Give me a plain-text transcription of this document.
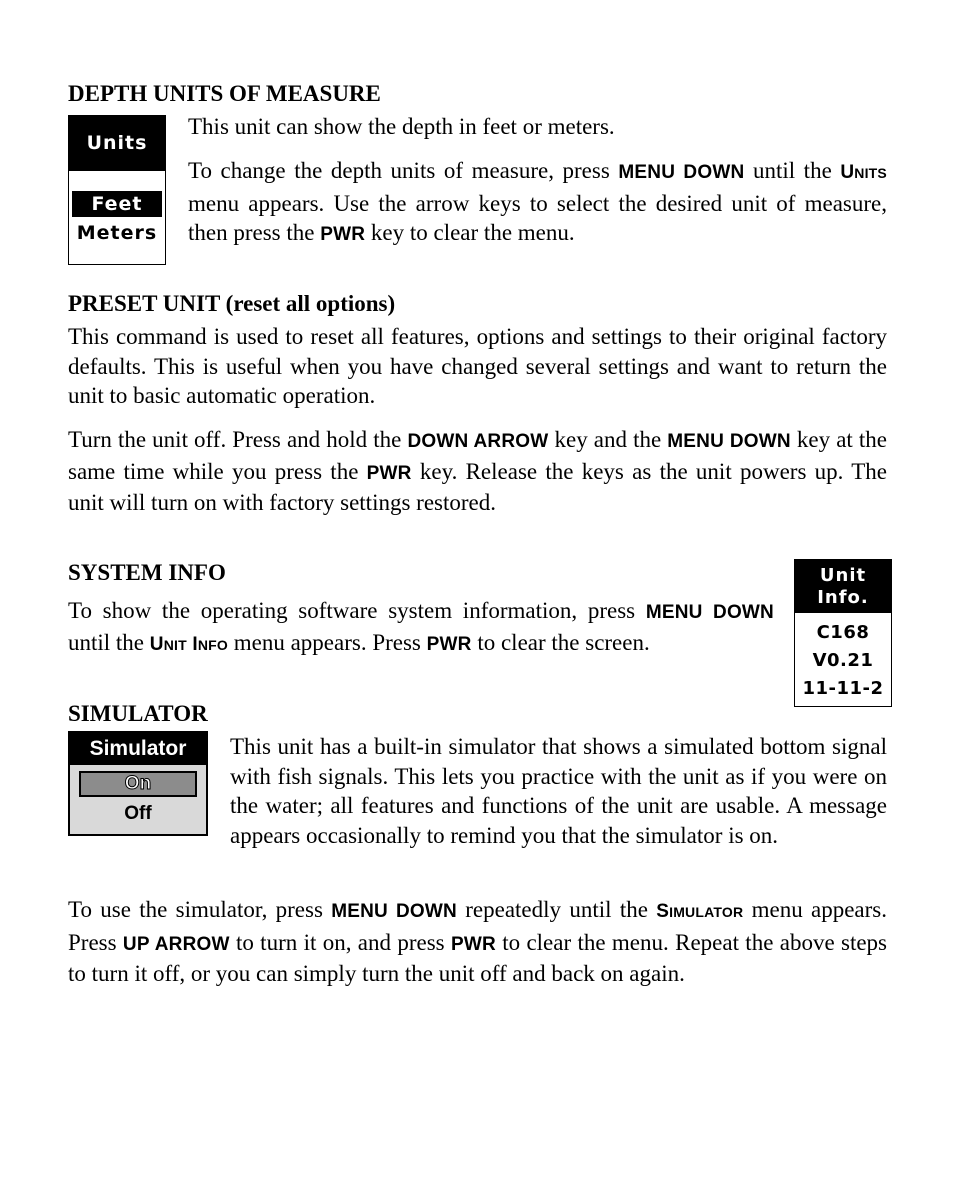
DEPTH UNITS OF MEASURE
Units
Feet
Meters
This unit can show the depth in feet or meters.
To change the depth units of measure, press MENU DOWN until the UNITS menu appears. Use the arrow keys to select the desired unit of measure, then press the PWR key to clear the menu.
PRESET UNIT (reset all options)
This command is used to reset all features, options and settings to their original factory defaults. This is useful when you have changed several settings and want to return the unit to basic automatic operation.
Turn the unit off. Press and hold the DOWN ARROW key and the MENU DOWN key at the same time while you press the PWR key. Release the keys as the unit powers up. The unit will turn on with factory settings restored.
SYSTEM INFO	Unit
Info.
C168
V0.21
11-11-2
To show the operating software system information, press MENU DOWN until the UNIT INFO menu appears. Press PWR to clear the screen.
SIMULATOR
Simulator
On
Off
This unit has a built-in simulator that shows a simulated bottom signal with fish signals. This lets you practice with the unit as if you were on the water; all features and functions of the unit are usable. A message appears occasionally to remind you that the simulator is on.
To use the simulator, press MENU DOWN repeatedly until the SIMULATOR menu appears. Press UP ARROW to turn it on, and press PWR to clear the menu. Repeat the above steps to turn it off, or you can simply turn the unit off and back on again.
